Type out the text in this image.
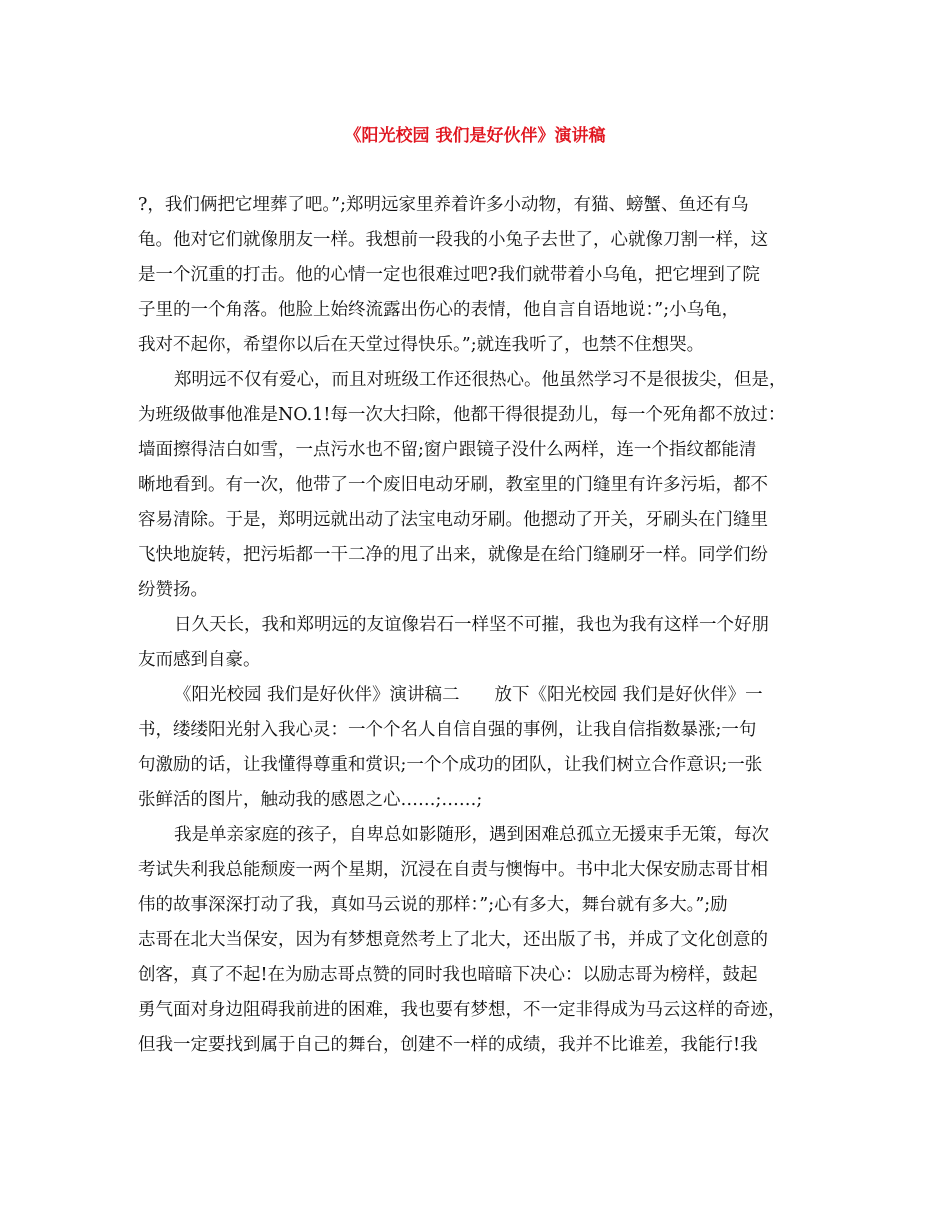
《阳光校园 我们是好伙伴》演讲稿
?，我们俩把它埋葬了吧。”;郑明远家里养着许多小动物，有猫、螃蟹、鱼还有乌
龟。他对它们就像朋友一样。我想前一段我的小兔子去世了，心就像刀割一样，这
是一个沉重的打击。他的心情一定也很难过吧?我们就带着小乌龟，把它埋到了院
子里的一个角落。他脸上始终流露出伤心的表情，他自言自语地说：”;小乌龟，
我对不起你，希望你以后在天堂过得快乐。”;就连我听了，也禁不住想哭。
郑明远不仅有爱心，而且对班级工作还很热心。他虽然学习不是很拔尖，但是，
为班级做事他准是NO.1!每一次大扫除，他都干得很提劲儿，每一个死角都不放过：
墙面擦得洁白如雪，一点污水也不留;窗户跟镜子没什么两样，连一个指纹都能清
晰地看到。有一次，他带了一个废旧电动牙刷，教室里的门缝里有许多污垢，都不
容易清除。于是，郑明远就出动了法宝电动牙刷。他摁动了开关，牙刷头在门缝里
飞快地旋转，把污垢都一干二净的甩了出来，就像是在给门缝刷牙一样。同学们纷
纷赞扬。
日久天长，我和郑明远的友谊像岩石一样坚不可摧，我也为我有这样一个好朋
友而感到自豪。
《阳光校园 我们是好伙伴》演讲稿二　　放下《阳光校园 我们是好伙伴》一
书，缕缕阳光射入我心灵：一个个名人自信自强的事例，让我自信指数暴涨;一句
句激励的话，让我懂得尊重和赏识;一个个成功的团队，让我们树立合作意识;一张
张鲜活的图片，触动我的感恩之心……;……;
我是单亲家庭的孩子，自卑总如影随形，遇到困难总孤立无援束手无策，每次
考试失利我总能颓废一两个星期，沉浸在自责与懊悔中。书中北大保安励志哥甘相
伟的故事深深打动了我，真如马云说的那样：”;心有多大，舞台就有多大。”;励
志哥在北大当保安，因为有梦想竟然考上了北大，还出版了书，并成了文化创意的
创客，真了不起!在为励志哥点赞的同时我也暗暗下决心：以励志哥为榜样，鼓起
勇气面对身边阻碍我前进的困难，我也要有梦想，不一定非得成为马云这样的奇迹，
但我一定要找到属于自己的舞台，创建不一样的成绩，我并不比谁差，我能行!我
